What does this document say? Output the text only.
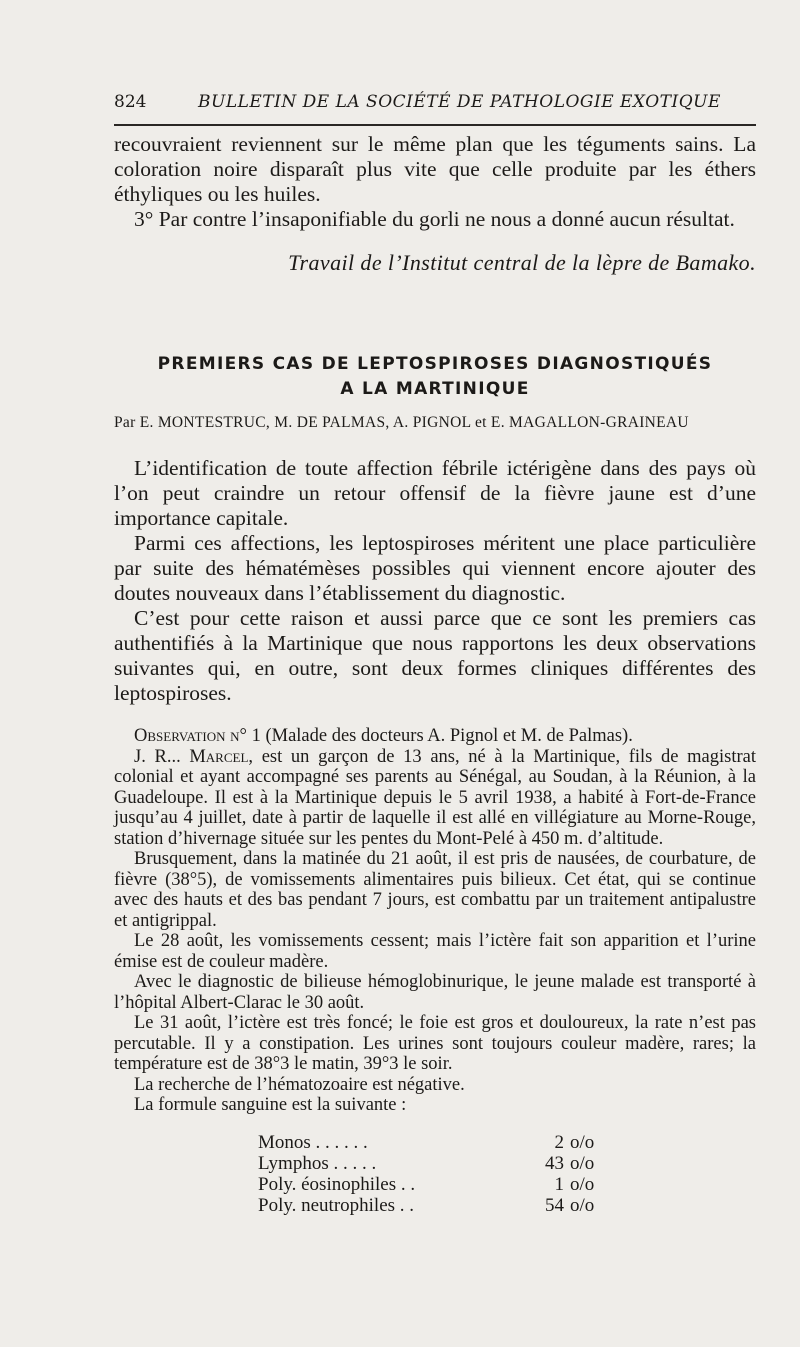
824	BULLETIN DE LA SOCIÉTÉ DE PATHOLOGIE EXOTIQUE

recouvraient reviennent sur le même plan que les téguments sains. La coloration noire disparaît plus vite que celle produite par les éthers éthyliques ou les huiles.

3° Par contre l’insaponifiable du gorli ne nous a donné aucun résultat.

Travail de l’Institut central de la lèpre de Bamako.

PREMIERS CAS DE LEPTOSPIROSES DIAGNOSTIQUÉS
A LA MARTINIQUE
Par E. MONTESTRUC, M. DE PALMAS, A. PIGNOL et E. MAGALLON-GRAINEAU

L’identification de toute affection fébrile ictérigène dans des pays où l’on peut craindre un retour offensif de la fièvre jaune est d’une importance capitale.

Parmi ces affections, les leptospiroses méritent une place particulière par suite des hématémèses possibles qui viennent encore ajouter des doutes nouveaux dans l’établissement du diagnostic.

C’est pour cette raison et aussi parce que ce sont les premiers cas authentifiés à la Martinique que nous rapportons les deux observations suivantes qui, en outre, sont deux formes cliniques différentes des leptospiroses.

Observation n° 1 (Malade des docteurs A. Pignol et M. de Palmas).

J. R... Marcel, est un garçon de 13 ans, né à la Martinique, fils de magistrat colonial et ayant accompagné ses parents au Sénégal, au Soudan, à la Réunion, à la Guadeloupe. Il est à la Martinique depuis le 5 avril 1938, a habité à Fort-de-France jusqu’au 4 juillet, date à partir de laquelle il est allé en villégiature au Morne-Rouge, station d’hivernage située sur les pentes du Mont-Pelé à 450 m. d’altitude.

Brusquement, dans la matinée du 21 août, il est pris de nausées, de courbature, de fièvre (38°5), de vomissements alimentaires puis bilieux. Cet état, qui se continue avec des hauts et des bas pendant 7 jours, est combattu par un traitement antipalustre et antigrippal.

Le 28 août, les vomissements cessent; mais l’ictère fait son apparition et l’urine émise est de couleur madère.

Avec le diagnostic de bilieuse hémoglobinurique, le jeune malade est transporté à l’hôpital Albert-Clarac le 30 août.

Le 31 août, l’ictère est très foncé; le foie est gros et douloureux, la rate n’est pas percutable. Il y a constipation. Les urines sont toujours couleur madère, rares; la température est de 38°3 le matin, 39°3 le soir.

La recherche de l’hématozoaire est négative.

La formule sanguine est la suivante :

Monos . . . . . .	2	o/o
Lymphos . . . . .	43	o/o
Poly. éosinophiles . .	1	o/o
Poly. neutrophiles . .	54	o/o
